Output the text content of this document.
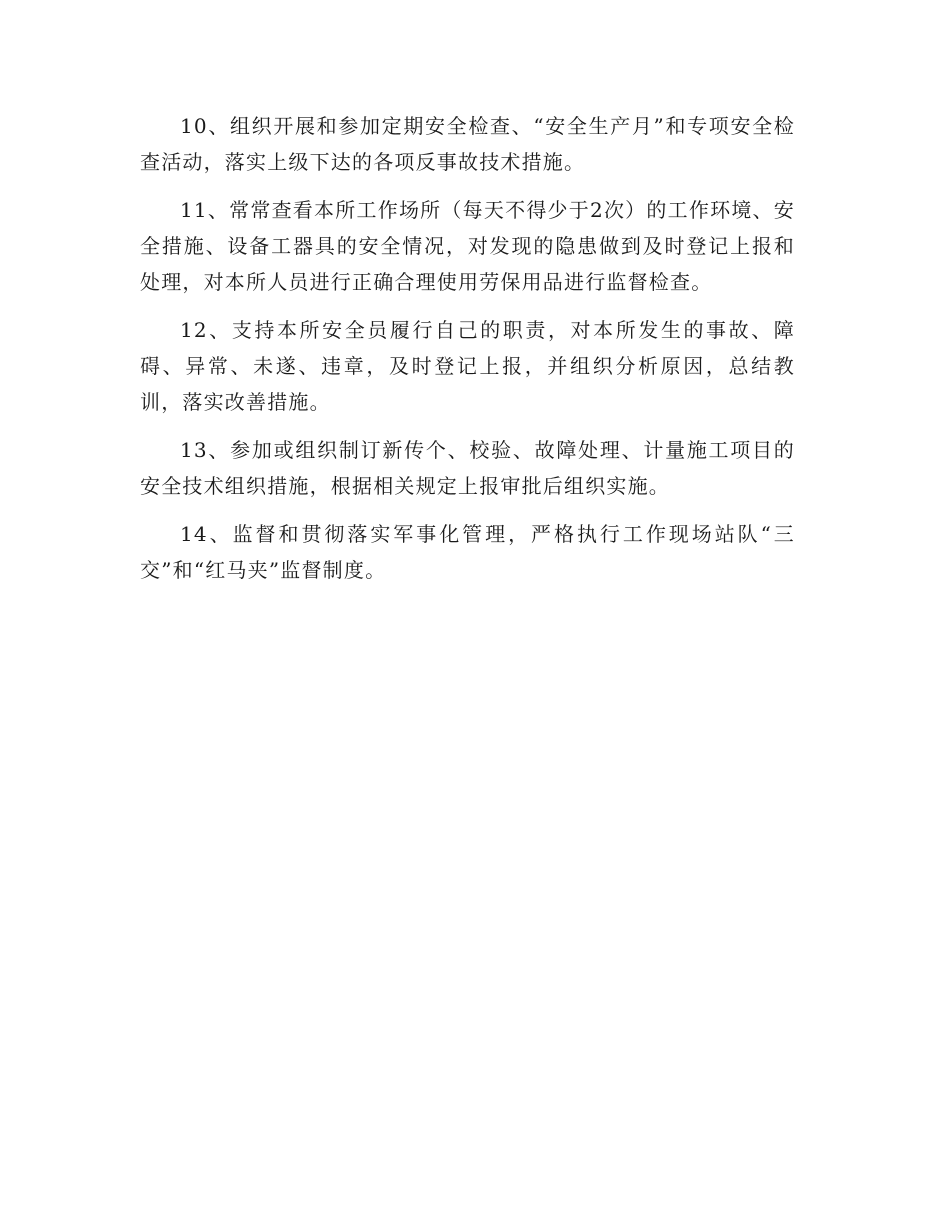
10、组织开展和参加定期安全检查、“安全生产月”和专项安全检查活动，落实上级下达的各项反事故技术措施。

11、常常查看本所工作场所（每天不得少于2次）的工作环境、安全措施、设备工器具的安全情况，对发现的隐患做到及时登记上报和处理，对本所人员进行正确合理使用劳保用品进行监督检查。

12、支持本所安全员履行自己的职责，对本所发生的事故、障碍、异常、未遂、违章，及时登记上报，并组织分析原因，总结教训，落实改善措施。

13、参加或组织制订新传个、校验、故障处理、计量施工项目的安全技术组织措施，根据相关规定上报审批后组织实施。

14、监督和贯彻落实军事化管理，严格执行工作现场站队“三交”和“红马夹”监督制度。
